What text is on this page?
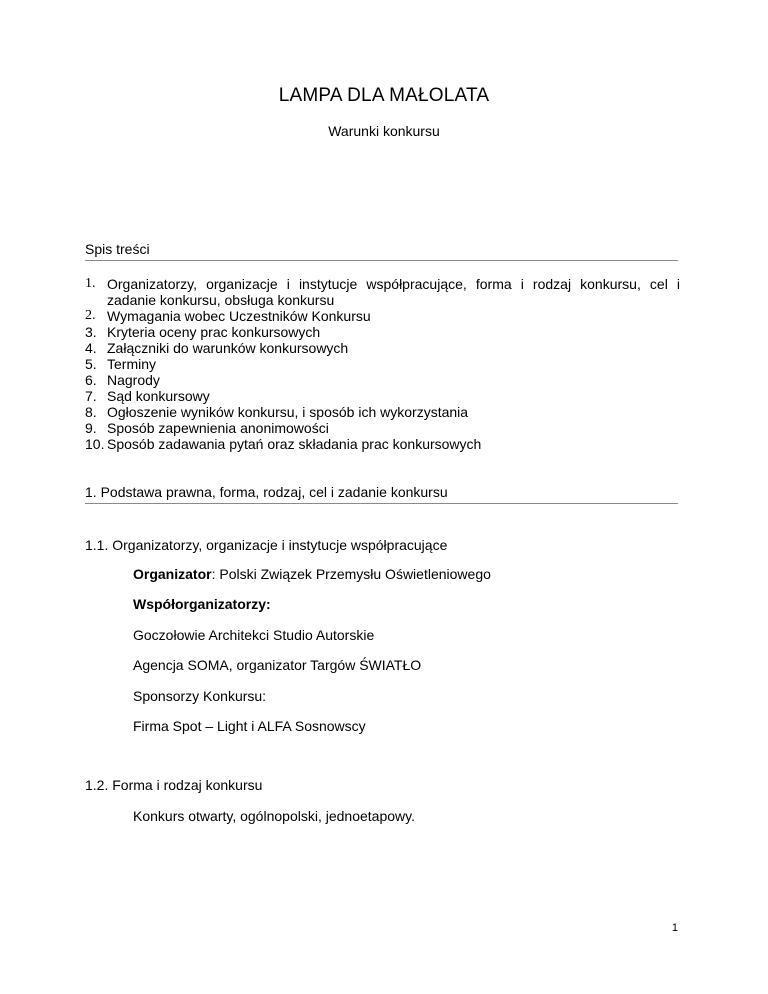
LAMPA DLA MAŁOLATA
Warunki konkursu
Spis treści
1. Organizatorzy, organizacje i instytucje współpracujące, forma i rodzaj konkursu, cel i zadanie konkursu, obsługa konkursu
2. Wymagania wobec Uczestników Konkursu
3. Kryteria oceny prac konkursowych
4. Załączniki do warunków konkursowych
5. Terminy
6. Nagrody
7. Sąd konkursowy
8. Ogłoszenie wyników konkursu, i sposób ich wykorzystania
9. Sposób zapewnienia anonimowości
10. Sposób zadawania pytań oraz składania prac konkursowych
1. Podstawa prawna, forma, rodzaj, cel i zadanie konkursu
1.1. Organizatorzy, organizacje i instytucje współpracujące
Organizator: Polski Związek Przemysłu Oświetleniowego
Współorganizatorzy:
Goczołowie Architekci Studio Autorskie
Agencja SOMA, organizator Targów ŚWIATŁO
Sponsorzy Konkursu:
Firma Spot – Light i ALFA Sosnowscy
1.2. Forma i rodzaj konkursu
Konkurs otwarty, ogólnopolski, jednoetapowy.
1
